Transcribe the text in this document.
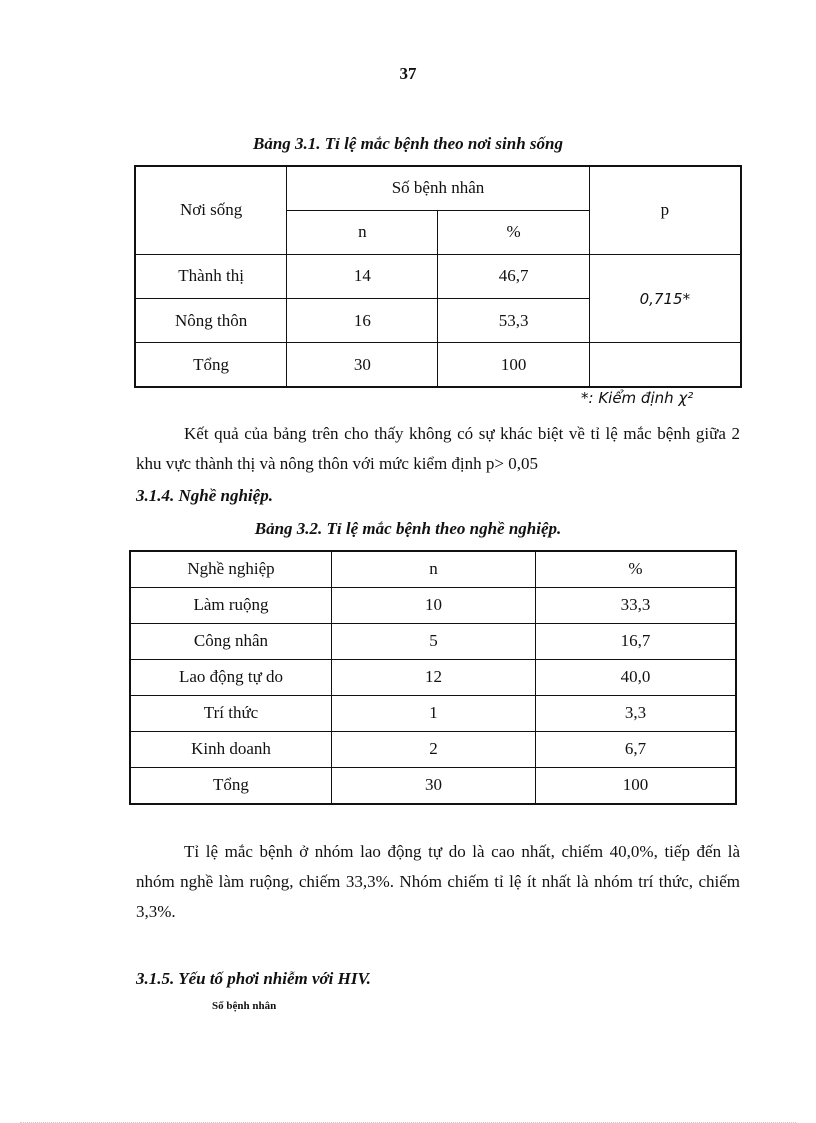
37
Bảng 3.1. Tỉ lệ mắc bệnh theo nơi sinh sống
Nơi sống	Số bệnh nhân		p
	n	%	
Thành thị	14	46,7	0,715*
Nông thôn	16	53,3	
Tổng	30	100	
*: Kiểm định χ²
Kết quả của bảng trên cho thấy không có sự khác biệt về tỉ lệ mắc bệnh giữa 2 khu vực thành thị và nông thôn với mức kiểm định p> 0,05
3.1.4. Nghề nghiệp.
Bảng 3.2. Tỉ lệ mắc bệnh theo nghề nghiệp.
Nghề nghiệp	n	%
Làm ruộng	10	33,3
Công nhân	5	16,7
Lao động tự do	12	40,0
Trí thức	1	3,3
Kinh doanh	2	6,7
Tổng	30	100
Tỉ lệ mắc bệnh ở nhóm lao động tự do là cao nhất, chiếm 40,0%, tiếp đến là nhóm nghề làm ruộng, chiếm 33,3%. Nhóm chiếm tỉ lệ ít nhất là nhóm trí thức, chiếm 3,3%.
3.1.5. Yếu tố phơi nhiễm với HIV.
Số bệnh nhân
